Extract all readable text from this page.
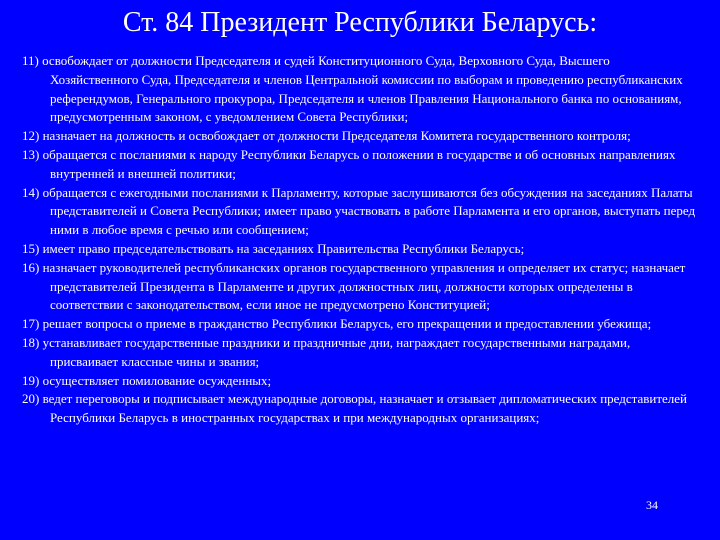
Ст. 84 Президент Республики Беларусь:
11) освобождает от должности Председателя и судей Конституционного Суда, Верховного Суда, Высшего Хозяйственного Суда, Председателя и членов Центральной комиссии по выборам и проведению республиканских референдумов, Генерального прокурора, Председателя и членов Правления Национального банка по основаниям, предусмотренным законом, с уведомлением Совета Республики;
12) назначает на должность и освобождает от должности Председателя Комитета государственного контроля;
13) обращается с посланиями к народу Республики Беларусь о положении в государстве и об основных направлениях внутренней и внешней политики;
14) обращается с ежегодными посланиями к Парламенту, которые заслушиваются без обсуждения на заседаниях Палаты представителей и Совета Республики; имеет право участвовать в работе Парламента и его органов, выступать перед ними в любое время с речью или сообщением;
15) имеет право председательствовать на заседаниях Правительства Республики Беларусь;
16) назначает руководителей республиканских органов государственного управления и определяет их статус; назначает представителей Президента в Парламенте и других должностных лиц, должности которых определены в соответствии с законодательством, если иное не предусмотрено Конституцией;
17) решает вопросы о приеме в гражданство Республики Беларусь, его прекращении и предоставлении убежища;
18) устанавливает государственные праздники и праздничные дни, награждает государственными наградами, присваивает классные чины и звания;
19) осуществляет помилование осужденных;
20) ведет переговоры и подписывает международные договоры, назначает и отзывает дипломатических представителей Республики Беларусь в иностранных государствах и при международных организациях;
34
